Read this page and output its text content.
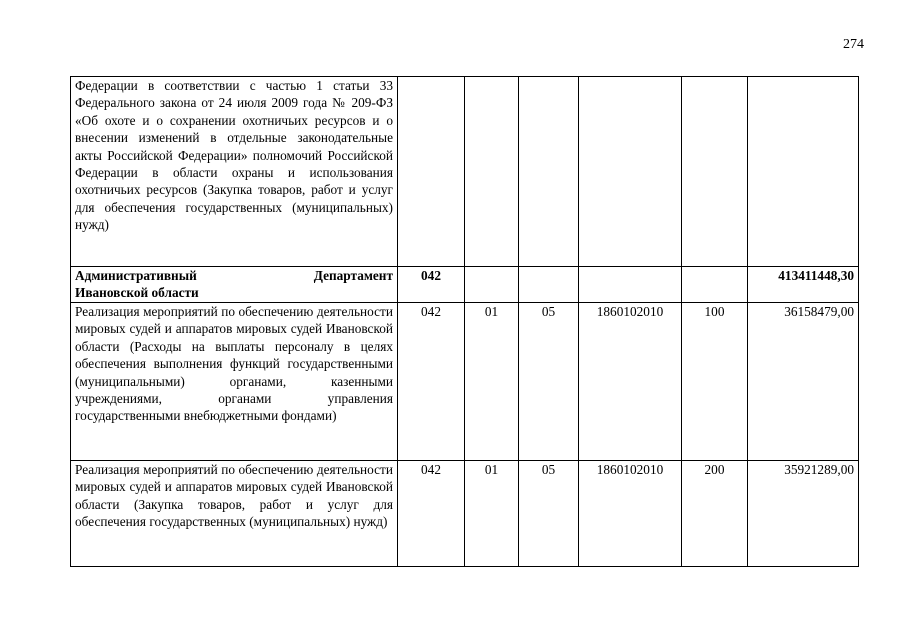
274
Федерации в соответствии с частью 1 статьи 33 Федерального закона от 24 июля 2009 года № 209-ФЗ «Об охоте и о сохранении охотничьих ресурсов и о внесении изменений в отдельные законодательные акты Российской Федерации» полномочий Российской Федерации в области охраны и использования охотничьих ресурсов (Закупка товаров, работ и услуг для обеспечения государственных (муниципальных) нужд)						
Административный Департамент
Ивановской области	042					413411448,30
Реализация мероприятий по обеспечению деятельности мировых судей и аппаратов мировых судей Ивановской области (Расходы на выплаты персоналу в целях обеспечения выполнения функций государственными (муниципальными) органами, казенными учреждениями, органами управления государственными внебюджетными фондами)	042	01	05	1860102010	100	36158479,00
Реализация мероприятий по обеспечению деятельности мировых судей и аппаратов мировых судей Ивановской области (Закупка товаров, работ и услуг для обеспечения государственных (муниципальных) нужд)	042	01	05	1860102010	200	35921289,00
